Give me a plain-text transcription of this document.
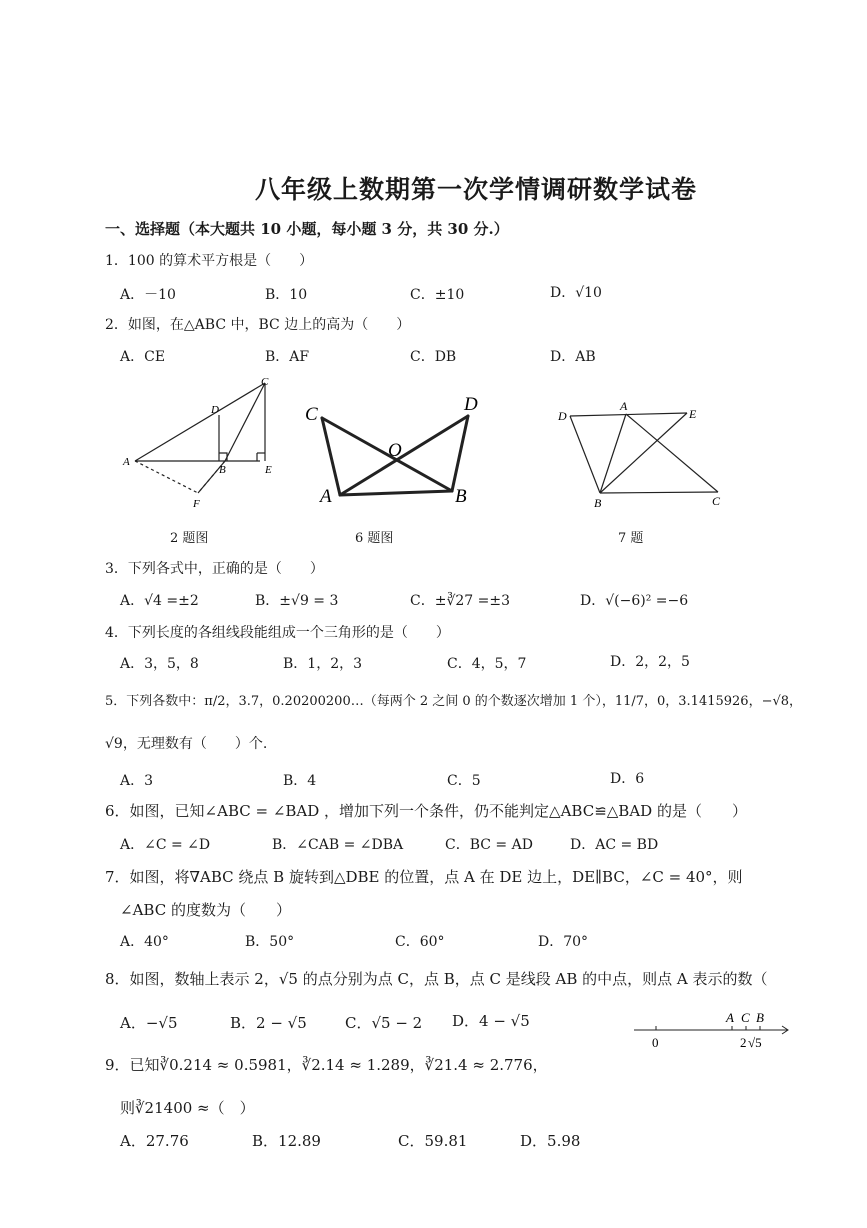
八年级上数期第一次学情调研数学试卷
一、选择题（本大题共 10 小题，每小题 3 分，共 30 分.）
1．100 的算术平方根是（　　）
A．－10	B．10	C．±10	D．√10
2．如图，在△ABC 中，BC 边上的高为（　　）
A．CE	B．AF	C．DB	D．AB
C
D
A
B	E
F
2 题图
C	D
O
A	B
6 题图
D
A
E
B	C
7 题
3．下列各式中，正确的是（　　）
A．√4 =±2	B．±√9 = 3	C．±∛27 =±3	D．√(−6)² =−6
4．下列长度的各组线段能组成一个三角形的是（　　）
A．3，5，8	B．1，2，3	C．4，5，7	D．2，2，5
5．下列各数中：π/2，3.7，0.20200200…（每两个 2 之间 0 的个数逐次增加 1 个），11/7，0，3.1415926，−√8，
√9，无理数有（　　）个.
A．3	B．4	C．5	D．6
6．如图，已知∠ABC = ∠BAD ，增加下列一个条件，仍不能判定△ABC≌△BAD 的是（　　）
A．∠C = ∠D	B．∠CAB = ∠DBA	C．BC = AD	D．AC = BD
7．如图，将∇ABC 绕点 B 旋转到△DBE 的位置，点 A 在 DE 边上，DE∥BC，∠C = 40°，则
∠ABC 的度数为（　　）
A．40°	B．50°	C．60°	D．70°
8．如图，数轴上表示 2，√5 的点分别为点 C，点 B，点 C 是线段 AB 的中点，则点 A 表示的数（
A．−√5	B．2 − √5	C．√5 − 2 D．4 − √5	A C B
0	2 √5
9．已知∛0.214 ≈ 0.5981，∛2.14 ≈ 1.289，∛21.4 ≈ 2.776，
则∛21400 ≈（　）
A．27.76	B．12.89	C．59.81	D．5.98
